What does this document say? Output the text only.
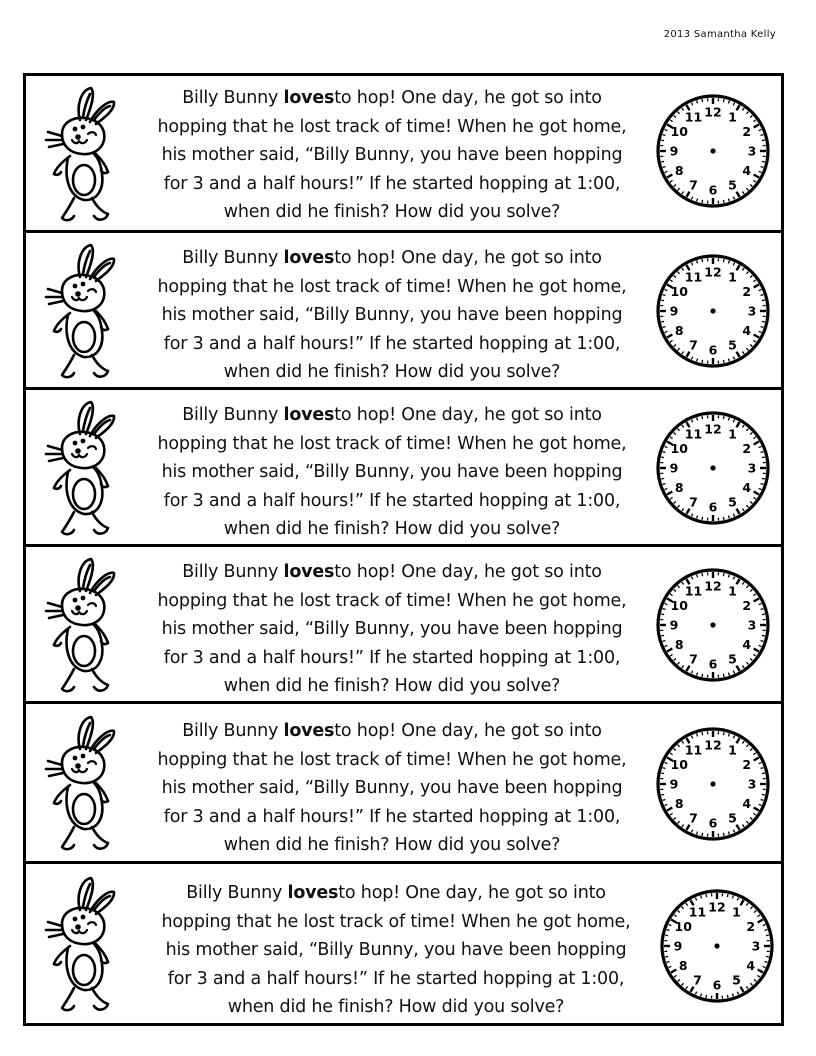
2013 Samantha Kelly
Billy Bunny lovesto hop! One day, he got so into
hopping that he lost track of time! When he got home,
his mother said, “Billy Bunny, you have been hopping
for 3 and a half hours!” If he started hopping at 1:00,
when did he finish? How did you solve?
12 1
2
3
4
5
6
7
8
9
10
11
Billy Bunny lovesto hop! One day, he got so into
hopping that he lost track of time! When he got home,
his mother said, “Billy Bunny, you have been hopping
for 3 and a half hours!” If he started hopping at 1:00,
when did he finish? How did you solve?
12 1
2
3
4
5
6
7
8
9
10
11
Billy Bunny lovesto hop! One day, he got so into
hopping that he lost track of time! When he got home,
his mother said, “Billy Bunny, you have been hopping
for 3 and a half hours!” If he started hopping at 1:00,
when did he finish? How did you solve?
12 1
2
3
4
5
6
7
8
9
10
11
Billy Bunny lovesto hop! One day, he got so into
hopping that he lost track of time! When he got home,
his mother said, “Billy Bunny, you have been hopping
for 3 and a half hours!” If he started hopping at 1:00,
when did he finish? How did you solve?
12 1
2
3
4
5
6
7
8
9
10
11
Billy Bunny lovesto hop! One day, he got so into
hopping that he lost track of time! When he got home,
his mother said, “Billy Bunny, you have been hopping
for 3 and a half hours!” If he started hopping at 1:00,
when did he finish? How did you solve?
12 1
2
3
4
5
6
7
8
9
10
11
Billy Bunny lovesto hop! One day, he got so into
hopping that he lost track of time! When he got home,
his mother said, “Billy Bunny, you have been hopping
for 3 and a half hours!” If he started hopping at 1:00,
when did he finish? How did you solve?
12 1
2
3
4
5
6
7
8
9
10
11
